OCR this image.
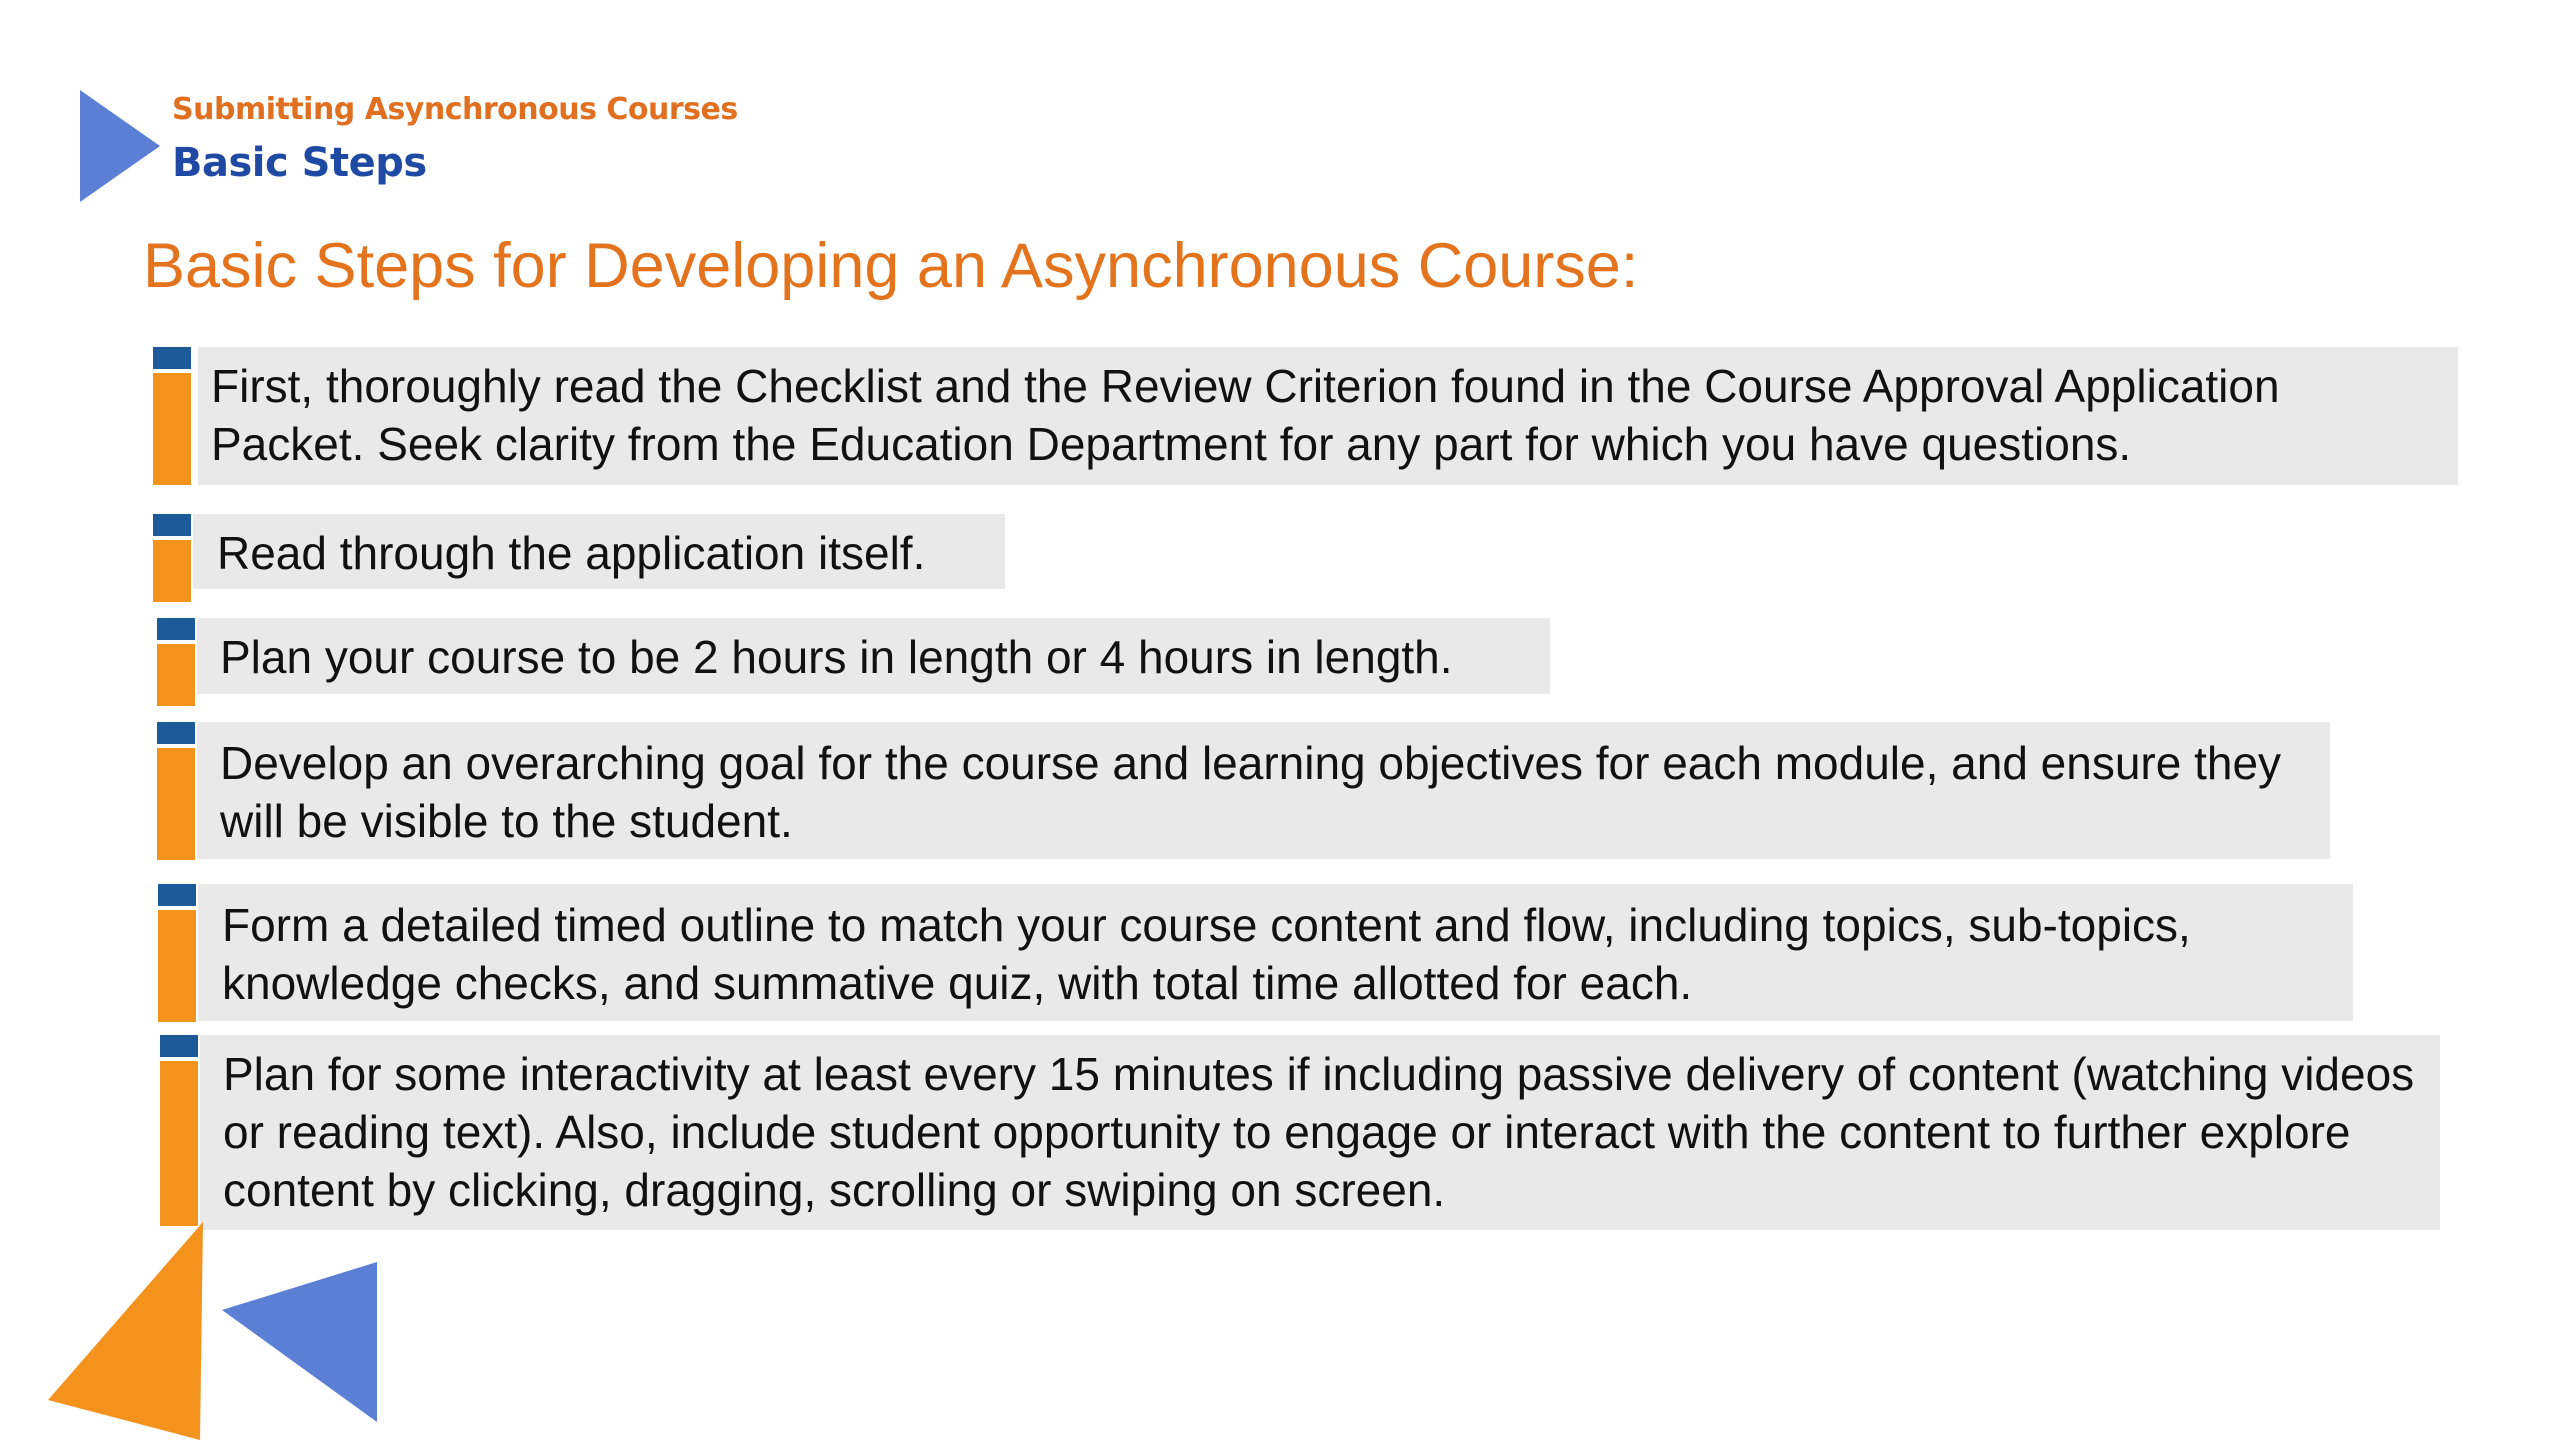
Submitting Asynchronous Courses
Basic Steps
Basic Steps for Developing an Asynchronous Course:
First, thoroughly read the Checklist and the Review Criterion found in the Course Approval Application Packet. Seek clarity from the Education Department for any part for which you have questions.
Read through the application itself.
Plan your course to be 2 hours in length or 4 hours in length.
Develop an overarching goal for the course and learning objectives for each module, and ensure they will be visible to the student.
Form a detailed timed outline to match your course content and flow, including topics, sub-topics, knowledge checks, and summative quiz, with total time allotted for each.
Plan for some interactivity at least every 15 minutes if including passive delivery of content (watching videos or reading text). Also, include student opportunity to engage or interact with the content to further explore content by clicking, dragging, scrolling or swiping on screen.
